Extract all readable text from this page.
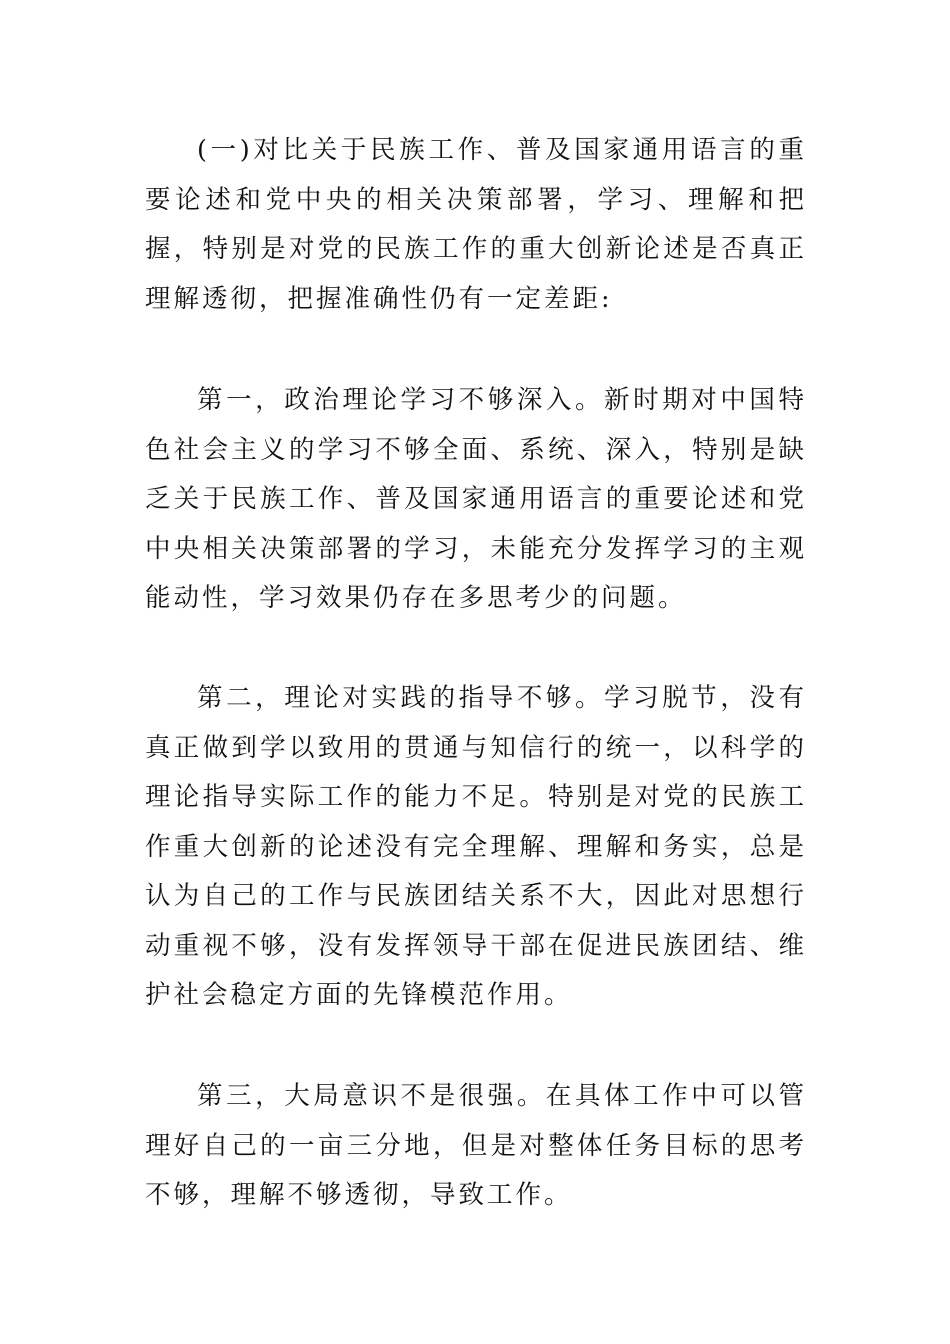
(一)对比关于民族工作、普及国家通用语言的重要论述和党中央的相关决策部署，学习、理解和把握，特别是对党的民族工作的重大创新论述是否真正理解透彻，把握准确性仍有一定差距:

第一，政治理论学习不够深入。新时期对中国特色社会主义的学习不够全面、系统、深入，特别是缺乏关于民族工作、普及国家通用语言的重要论述和党中央相关决策部署的学习，未能充分发挥学习的主观能动性，学习效果仍存在多思考少的问题。

第二，理论对实践的指导不够。学习脱节，没有真正做到学以致用的贯通与知信行的统一，以科学的理论指导实际工作的能力不足。特别是对党的民族工作重大创新的论述没有完全理解、理解和务实，总是认为自己的工作与民族团结关系不大，因此对思想行动重视不够，没有发挥领导干部在促进民族团结、维护社会稳定方面的先锋模范作用。

第三，大局意识不是很强。在具体工作中可以管理好自己的一亩三分地，但是对整体任务目标的思考不够，理解不够透彻，导致工作。
